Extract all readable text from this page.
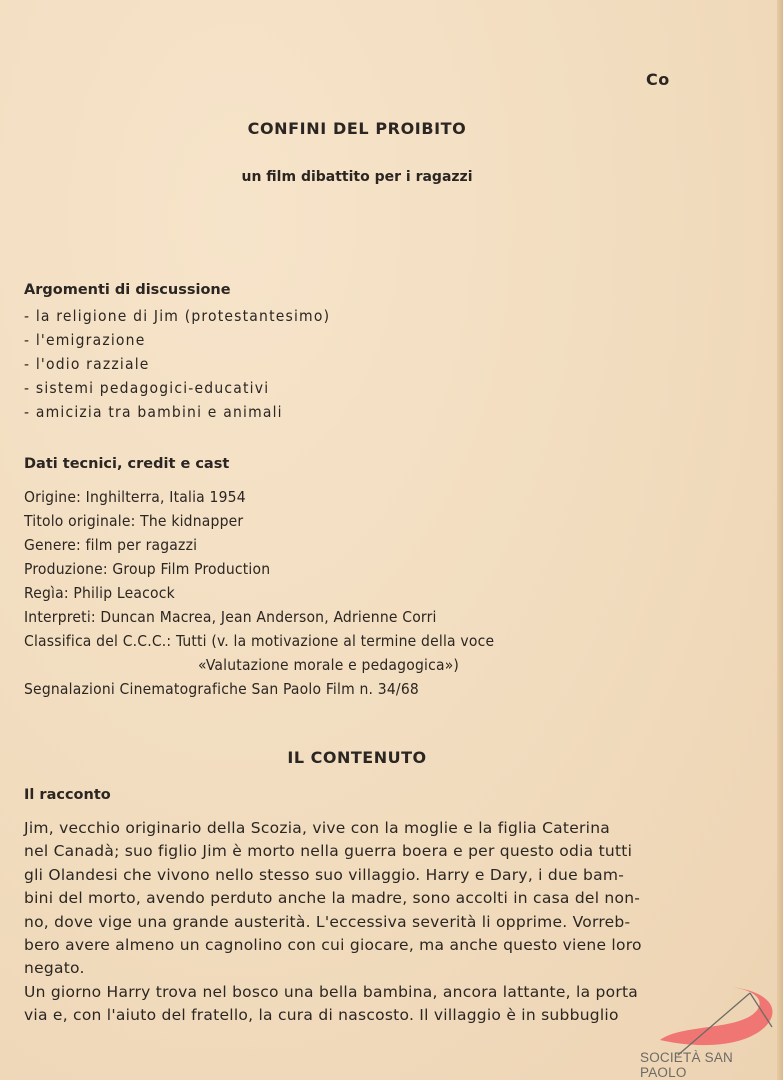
Co
CONFINI DEL PROIBITO
un film dibattito per i ragazzi
Argomenti di discussione
- la religione di Jim (protestantesimo)
- l'emigrazione
- l'odio razziale
- sistemi pedagogici-educativi
- amicizia tra bambini e animali
Dati tecnici, credit e cast
Origine: Inghilterra, Italia 1954
Titolo originale: The kidnapper
Genere: film per ragazzi
Produzione: Group Film Production
Regìa: Philip Leacock
Interpreti: Duncan Macrea, Jean Anderson, Adrienne Corri
Classifica del C.C.C.: Tutti (v. la motivazione al termine della voce
«Valutazione morale e pedagogica»)
Segnalazioni Cinematografiche San Paolo Film n. 34/68
IL CONTENUTO
Il racconto
Jim, vecchio originario della Scozia, vive con la moglie e la figlia Caterina
nel Canadà; suo figlio Jim è morto nella guerra boera e per questo odia tutti
gli Olandesi che vivono nello stesso suo villaggio. Harry e Dary, i due bam-
bini del morto, avendo perduto anche la madre, sono accolti in casa del non-
no, dove vige una grande austerità. L'eccessiva severità li opprime. Vorreb-
bero avere almeno un cagnolino con cui giocare, ma anche questo viene loro
negato.
Un giorno Harry trova nel bosco una bella bambina, ancora lattante, la porta
via e, con l'aiuto del fratello, la cura di nascosto. Il villaggio è in subbuglio
SOCIETÀ SAN PAOLO
